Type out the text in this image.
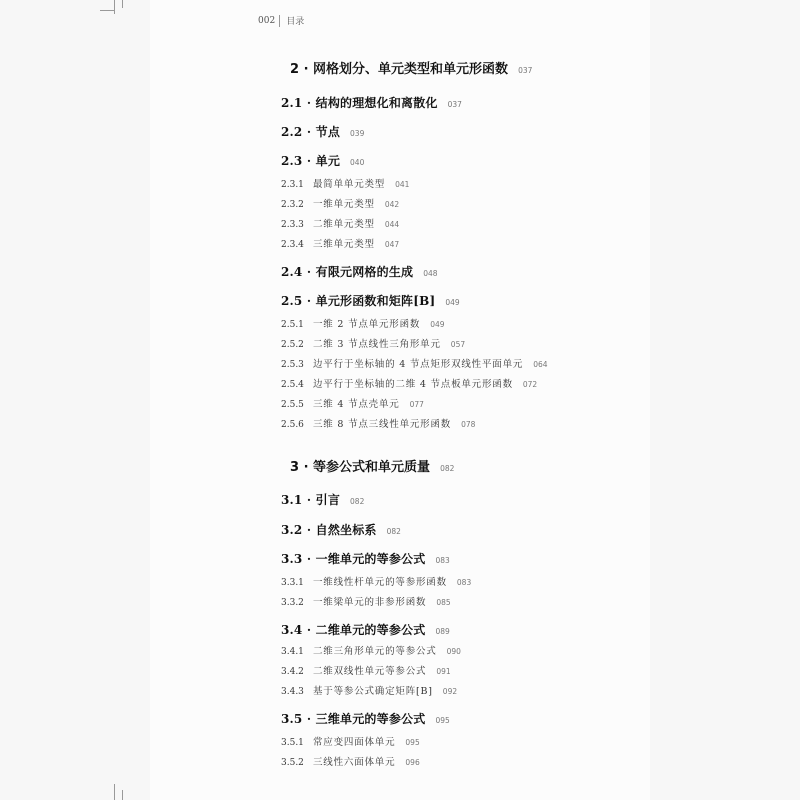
002 目录
2 · 网格划分、单元类型和单元形函数 037
2.1 · 结构的理想化和离散化 037
2.2 · 节点 039
2.3 · 单元 040
2.3.1 最简单单元类型 041
2.3.2 一维单元类型 042
2.3.3 二维单元类型 044
2.3.4 三维单元类型 047
2.4 · 有限元网格的生成 048
2.5 · 单元形函数和矩阵[B] 049
2.5.1 一维 2 节点单元形函数 049
2.5.2 二维 3 节点线性三角形单元 057
2.5.3 边平行于坐标轴的 4 节点矩形双线性平面单元 064
2.5.4 边平行于坐标轴的二维 4 节点板单元形函数 072
2.5.5 三维 4 节点壳单元 077
2.5.6 三维 8 节点三线性单元形函数 078
3 · 等参公式和单元质量 082
3.1 · 引言 082
3.2 · 自然坐标系 082
3.3 · 一维单元的等参公式 083
3.3.1 一维线性杆单元的等参形函数 083
3.3.2 一维梁单元的非参形函数 085
3.4 · 二维单元的等参公式 089
3.4.1 二维三角形单元的等参公式 090
3.4.2 二维双线性单元等参公式 091
3.4.3 基于等参公式确定矩阵[B] 092
3.5 · 三维单元的等参公式 095
3.5.1 常应变四面体单元 095
3.5.2 三线性六面体单元 096
